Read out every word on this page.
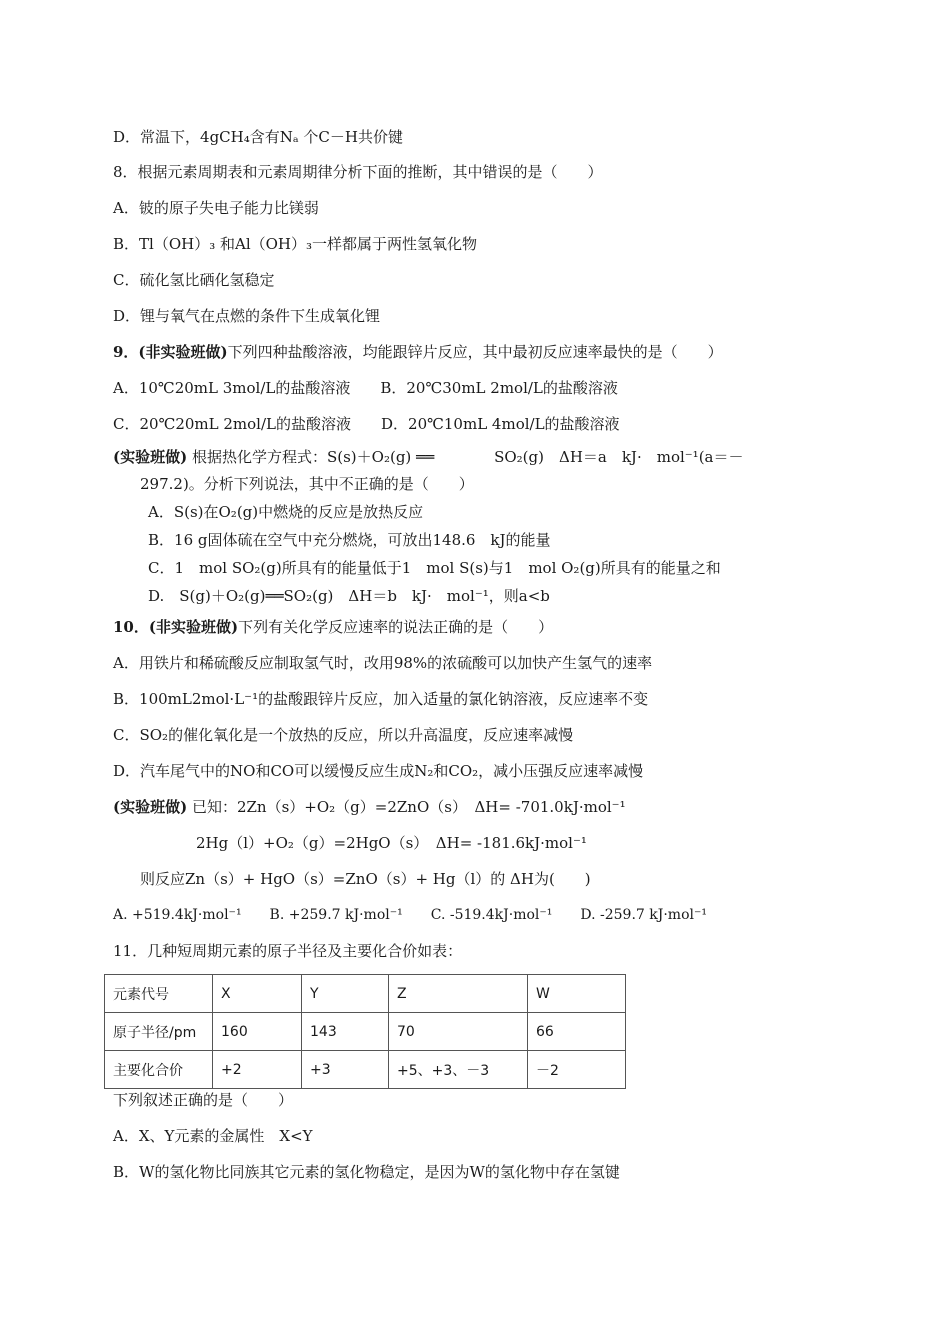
D．常温下，4gCH₄含有Nₐ 个C－H共价键
8．根据元素周期表和元素周期律分析下面的推断，其中错误的是（　　）
A．铍的原子失电子能力比镁弱
B．Tl（OH）₃ 和Al（OH）₃一样都属于两性氢氧化物
C．硫化氢比硒化氢稳定
D．锂与氧气在点燃的条件下生成氧化锂
9．(非实验班做)下列四种盐酸溶液，均能跟锌片反应，其中最初反应速率最快的是（　　）
A．10℃20mL 3mol/L的盐酸溶液　　B．20℃30mL 2mol/L的盐酸溶液
C．20℃20mL 2mol/L的盐酸溶液　　D．20℃10mL 4mol/L的盐酸溶液
(实验班做) 根据热化学方程式：S(s)＋O₂(g) ══　　　　SO₂(g)　ΔH＝a　kJ·　mol⁻¹(a＝－
297.2)。分析下列说法，其中不正确的是（　　）
A．S(s)在O₂(g)中燃烧的反应是放热反应
B．16 g固体硫在空气中充分燃烧，可放出148.6　kJ的能量
C．1　mol SO₂(g)所具有的能量低于1　mol S(s)与1　mol O₂(g)所具有的能量之和
D.　S(g)＋O₂(g)══SO₂(g)　ΔH＝b　kJ·　mol⁻¹，则a<b
10．(非实验班做)下列有关化学反应速率的说法正确的是（　　）
A．用铁片和稀硫酸反应制取氢气时，改用98%的浓硫酸可以加快产生氢气的速率
B．100mL2mol·L⁻¹的盐酸跟锌片反应，加入适量的氯化钠溶液，反应速率不变
C．SO₂的催化氧化是一个放热的反应，所以升高温度，反应速率减慢
D．汽车尾气中的NO和CO可以缓慢反应生成N₂和CO₂，减小压强反应速率减慢
(实验班做) 已知：2Zn（s）+O₂（g）=2ZnO（s）　ΔH= -701.0kJ·mol⁻¹
2Hg（l）+O₂（g）=2HgO（s）　ΔH= -181.6kJ·mol⁻¹
则反应Zn（s）+ HgO（s）=ZnO（s）+ Hg（l）的 ΔH为(　　)
A. +519.4kJ·mol⁻¹　　B. +259.7 kJ·mol⁻¹　　C. -519.4kJ·mol⁻¹　　D. -259.7 kJ·mol⁻¹
11．几种短周期元素的原子半径及主要化合价如表：
元素代号	X	Y	Z	W
原子半径/pm	160	143	70	66
主要化合价	+2	+3	+5、+3、－3	－2
下列叙述正确的是（　　）
A．X、Y元素的金属性　X<Y
B．W的氢化物比同族其它元素的氢化物稳定，是因为W的氢化物中存在氢键
